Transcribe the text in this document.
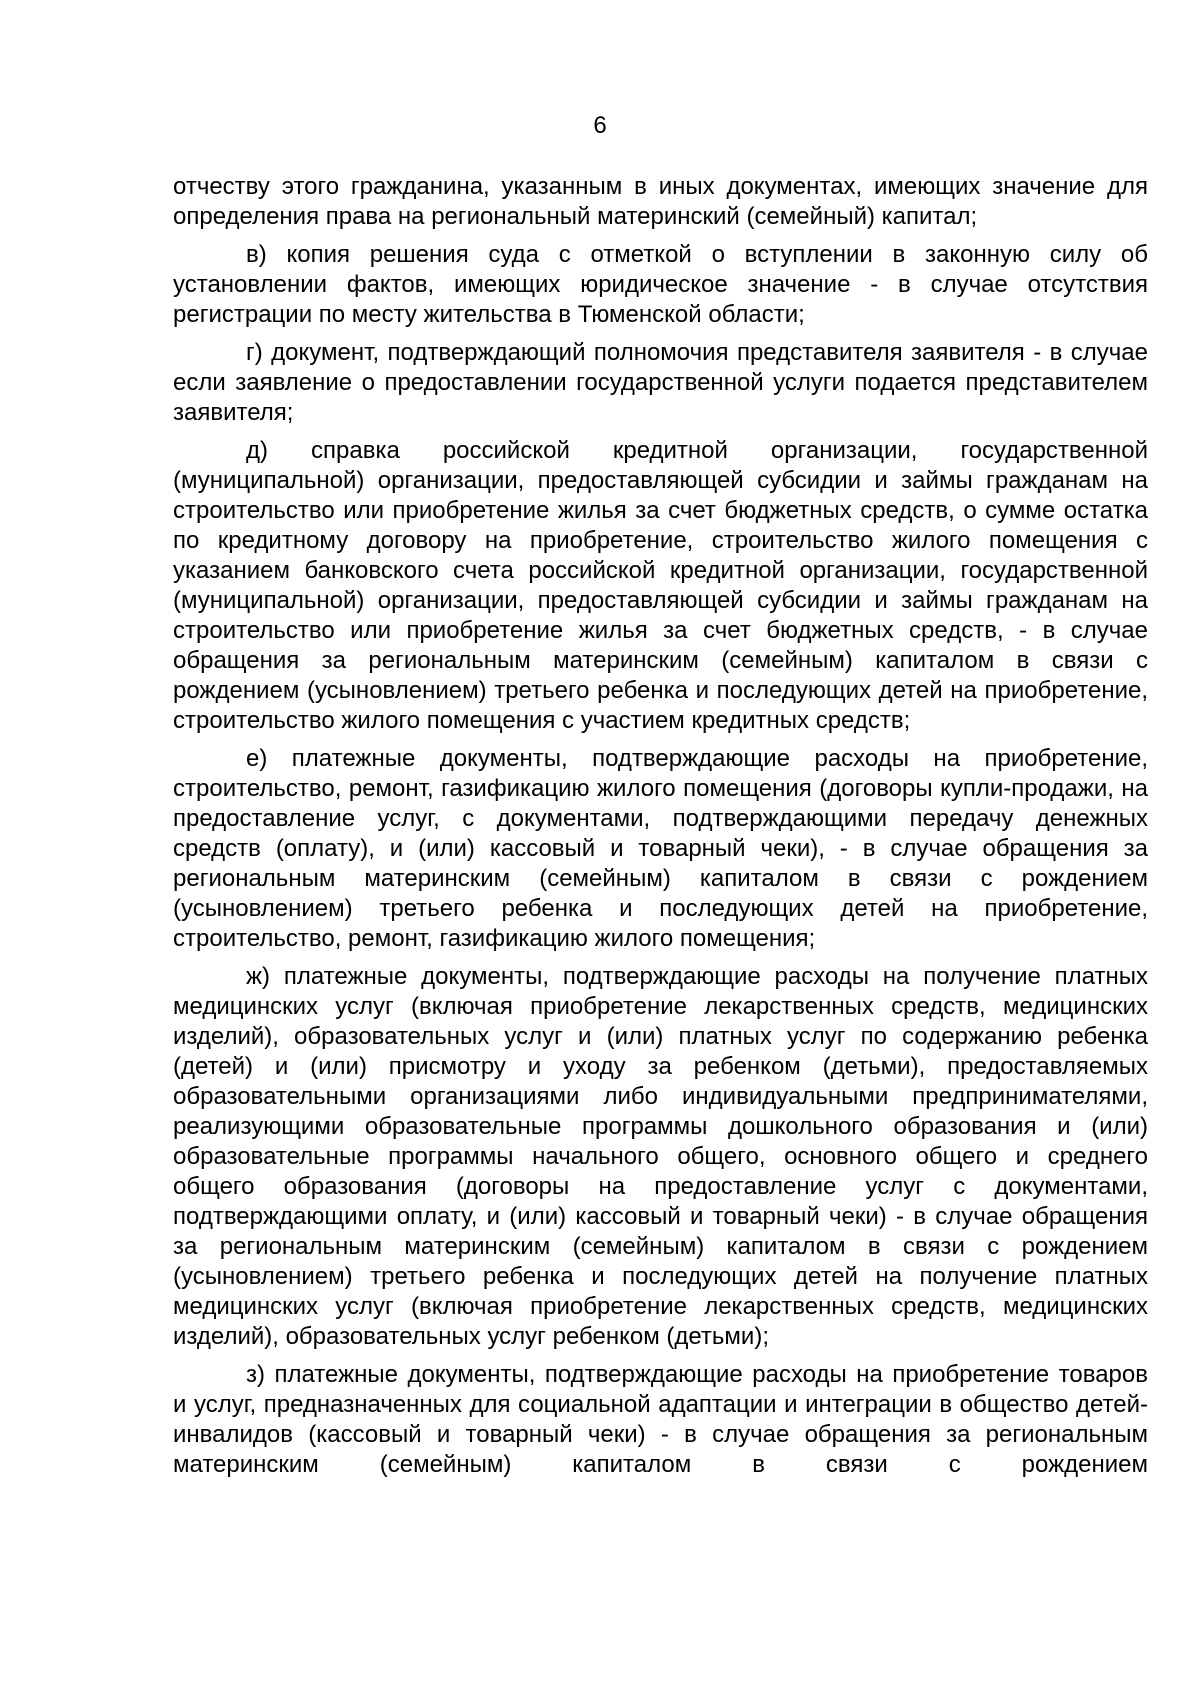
6

отчеству этого гражданина, указанным в иных документах, имеющих значение для определения права на региональный материнский (семейный) капитал;

в) копия решения суда с отметкой о вступлении в законную силу об установлении фактов, имеющих юридическое значение - в случае отсутствия регистрации по месту жительства в Тюменской области;

г) документ, подтверждающий полномочия представителя заявителя - в случае если заявление о предоставлении государственной услуги подается представителем заявителя;

д) справка российской кредитной организации, государственной (муниципальной) организации, предоставляющей субсидии и займы гражданам на строительство или приобретение жилья за счет бюджетных средств, о сумме остатка по кредитному договору на приобретение, строительство жилого помещения с указанием банковского счета российской кредитной организации, государственной (муниципальной) организации, предоставляющей субсидии и займы гражданам на строительство или приобретение жилья за счет бюджетных средств, - в случае обращения за региональным материнским (семейным) капиталом в связи с рождением (усыновлением) третьего ребенка и последующих детей на приобретение, строительство жилого помещения с участием кредитных средств;

е) платежные документы, подтверждающие расходы на приобретение, строительство, ремонт, газификацию жилого помещения (договоры купли-продажи, на предоставление услуг, с документами, подтверждающими передачу денежных средств (оплату), и (или) кассовый и товарный чеки), - в случае обращения за региональным материнским (семейным) капиталом в связи с рождением (усыновлением) третьего ребенка и последующих детей на приобретение, строительство, ремонт, газификацию жилого помещения;

ж) платежные документы, подтверждающие расходы на получение платных медицинских услуг (включая приобретение лекарственных средств, медицинских изделий), образовательных услуг и (или) платных услуг по содержанию ребенка (детей) и (или) присмотру и уходу за ребенком (детьми), предоставляемых образовательными организациями либо индивидуальными предпринимателями, реализующими образовательные программы дошкольного образования и (или) образовательные программы начального общего, основного общего и среднего общего образования (договоры на предоставление услуг с документами, подтверждающими оплату, и (или) кассовый и товарный чеки) - в случае обращения за региональным материнским (семейным) капиталом в связи с рождением (усыновлением) третьего ребенка и последующих детей на получение платных медицинских услуг (включая приобретение лекарственных средств, медицинских изделий), образовательных услуг ребенком (детьми);

з) платежные документы, подтверждающие расходы на приобретение товаров и услуг, предназначенных для социальной адаптации и интеграции в общество детей-инвалидов (кассовый и товарный чеки) - в случае обращения за региональным материнским (семейным) капиталом в связи с рождением
